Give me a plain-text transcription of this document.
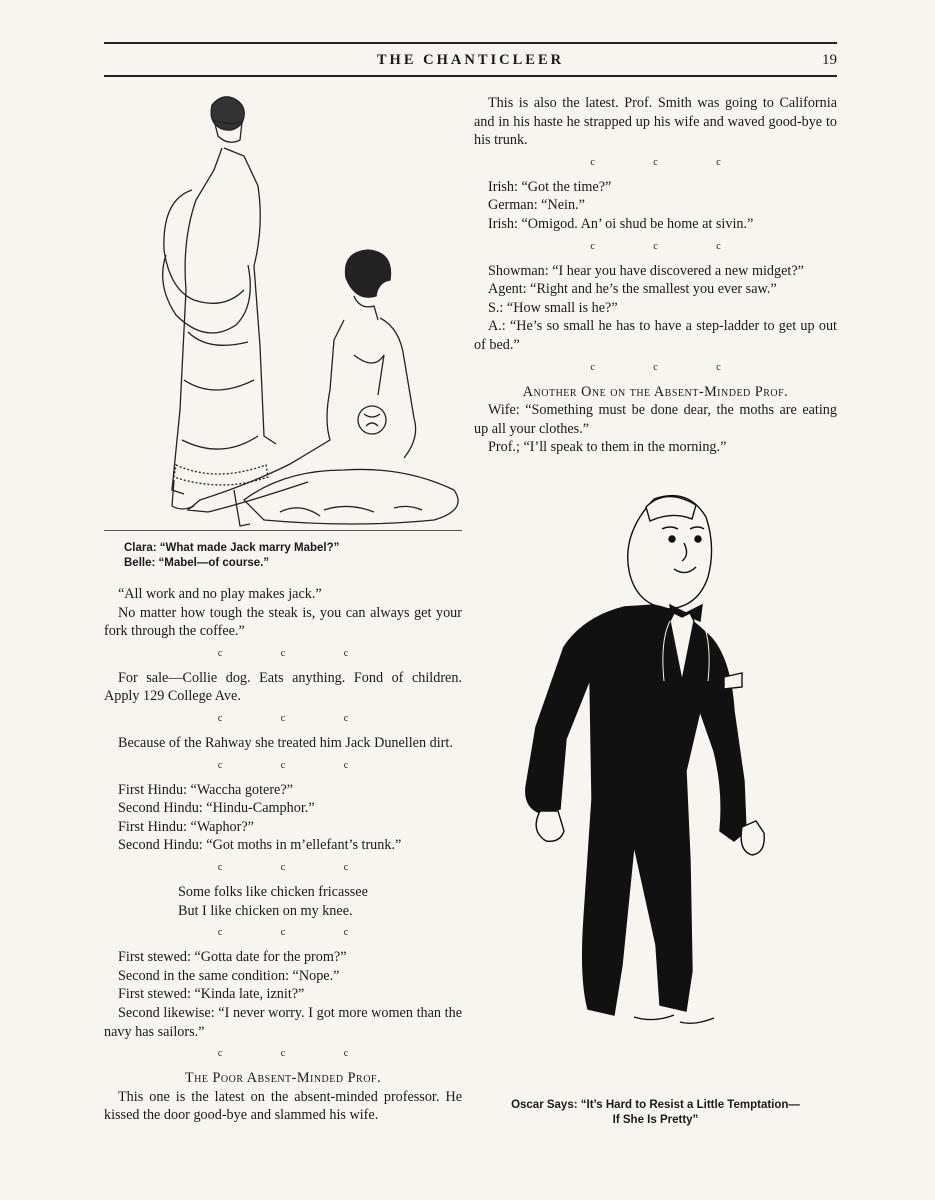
THE CHANTICLEER	19
Clara: “What made Jack marry Mabel?”
Belle: “Mabel—of course.”

“All work and no play makes jack.”

No matter how tough the steak is, you can always get your fork through the coffee.”

c c c

For sale—Collie dog. Eats anything. Fond of children. Apply 129 College Ave.

c c c

Because of the Rahway she treated him Jack Dunellen dirt.

c c c

First Hindu: “Waccha gotere?”

Second Hindu: “Hindu-Camphor.”

First Hindu: “Waphor?”

Second Hindu: “Got moths in m’ellefant’s trunk.”

c c c

Some folks like chicken fricassee

But I like chicken on my knee.

c c c

First stewed: “Gotta date for the prom?”

Second in the same condition: “Nope.”

First stewed: “Kinda late, iznit?”

Second likewise: “I never worry. I got more women than the navy has sailors.”

c c c

The Poor Absent-Minded Prof.

This one is the latest on the absent-minded professor. He kissed the door good-bye and slammed his wife.

This is also the latest. Prof. Smith was going to California and in his haste he strapped up his wife and waved good-bye to his trunk.

c c c

Irish: “Got the time?”

German: “Nein.”

Irish: “Omigod. An’ oi shud be home at sivin.”

c c c

Showman: “I hear you have discovered a new midget?”

Agent: “Right and he’s the smallest you ever saw.”

S.: “How small is he?”

A.: “He’s so small he has to have a step-ladder to get up out of bed.”

c c c

Another One on the Absent-Minded Prof.

Wife: “Something must be done dear, the moths are eating up all your clothes.”

Prof.; “I’ll speak to them in the morning.”

Oscar Says: “It’s Hard to Resist a Little Temptation—
If She Is Pretty”
